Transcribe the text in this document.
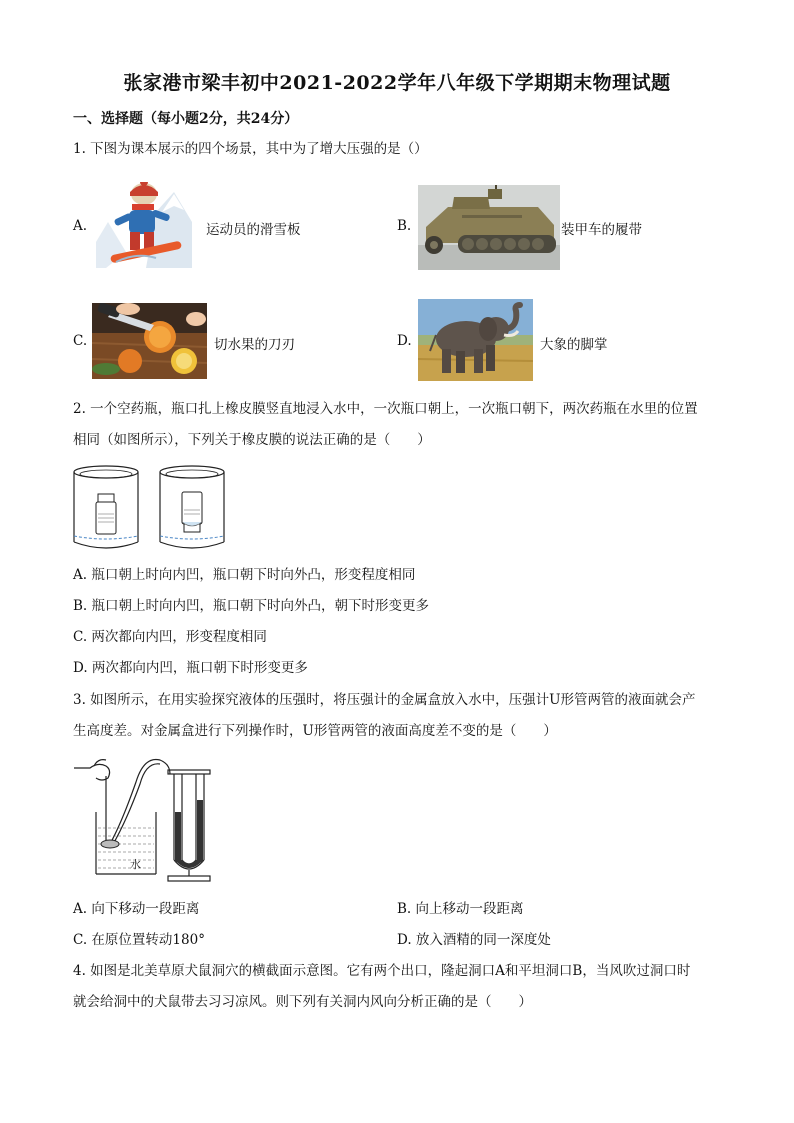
张家港市梁丰初中2021-2022学年八年级下学期期末物理试题
一、选择题（每小题2分，共24分）
1. 下图为课本展示的四个场景，其中为了增大压强的是（）
A.	运动员的滑雪板	B.	装甲车的履带
C.	切水果的刀刃	D.	大象的脚掌
2. 一个空药瓶，瓶口扎上橡皮膜竖直地浸入水中，一次瓶口朝上，一次瓶口朝下，两次药瓶在水里的位置
相同（如图所示），下列关于橡皮膜的说法正确的是（　　）
A. 瓶口朝上时向内凹，瓶口朝下时向外凸，形变程度相同
B. 瓶口朝上时向内凹，瓶口朝下时向外凸，朝下时形变更多
C. 两次都向内凹，形变程度相同
D. 两次都向内凹，瓶口朝下时形变更多
3. 如图所示，在用实验探究液体的压强时，将压强计的金属盒放入水中，压强计U形管两管的液面就会产
生高度差。对金属盒进行下列操作时，U形管两管的液面高度差不变的是（　　）
水
A. 向下移动一段距离	B. 向上移动一段距离
C. 在原位置转动180°	D. 放入酒精的同一深度处
4. 如图是北美草原犬鼠洞穴的横截面示意图。它有两个出口，隆起洞口A和平坦洞口B，当风吹过洞口时
就会给洞中的犬鼠带去习习凉风。则下列有关洞内风向分析正确的是（　　）
